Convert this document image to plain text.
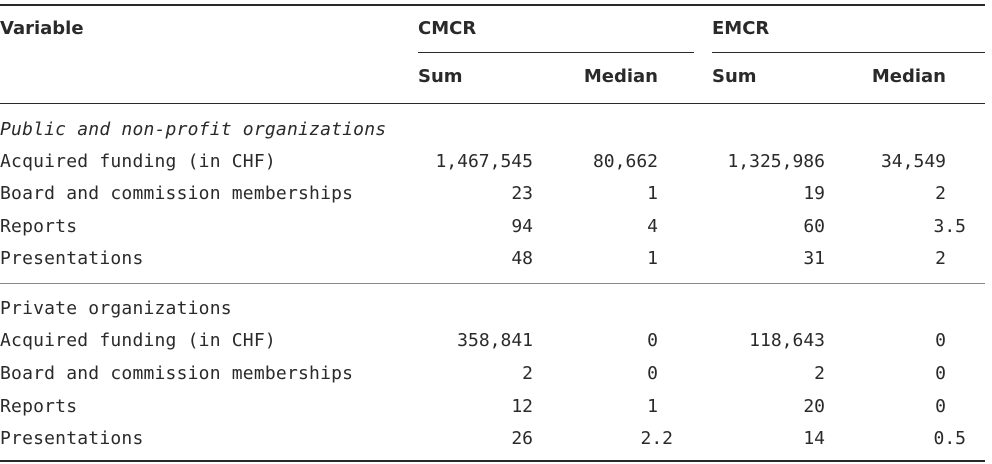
Variable	CMCR	EMCR
Sum	Median	Sum	Median
Public and non-profit organizations
Acquired funding (in CHF)	1,467,545	80,662	1,325,986	34,549
Board and commission memberships	23	1	19	2
Reports	94	4	60	3.5
Presentations	48	1	31	2
Private organizations
Acquired funding (in CHF)	358,841	0	118,643	0
Board and commission memberships	2	0	2	0
Reports	12	1	20	0
Presentations	26	2.2	14	0.5
